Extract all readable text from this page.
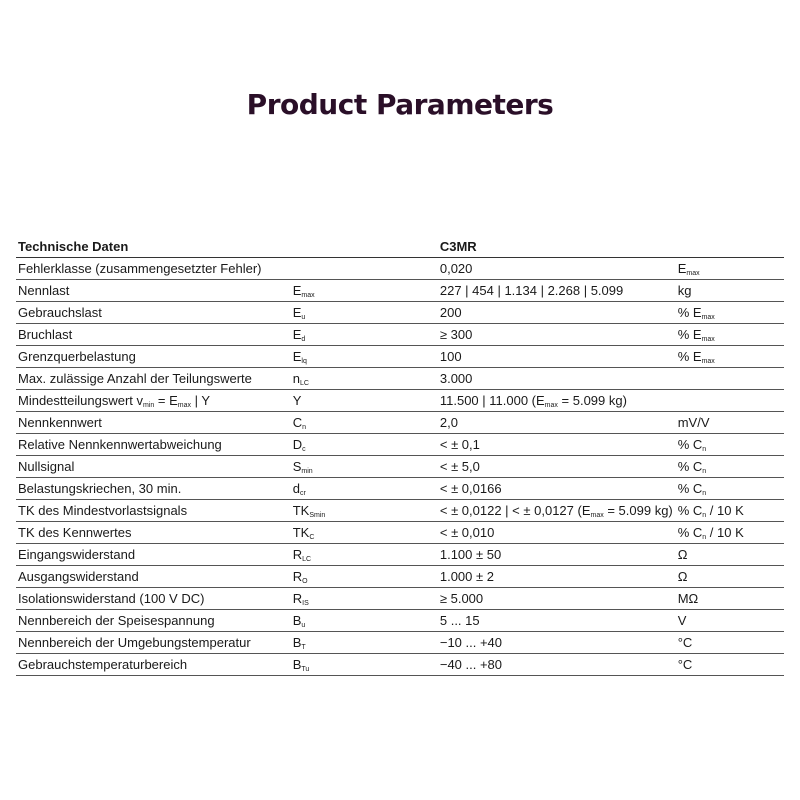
Product Parameters
Technische Daten		C3MR	
Fehlerklasse (zusammengesetzter Fehler)		0,020	$E_{max}$
Nennlast	$E_{max}$	227 | 454 | 1.134 | 2.268 | 5.099	kg
Gebrauchslast	$E_u$	200	% $E_{max}$
Bruchlast	$E_d$	≥ 300	% $E_{max}$
Grenzquerbelastung	$E_{lq}$	100	% $E_{max}$
Max. zulässige Anzahl der Teilungswerte	$n_{LC}$	3.000	
Mindestteilungswert $v_{min} = E_{max}$ | Y	Y	11.500 | 11.000 ($E_{max} = 5.099$ kg)	
Nennkennwert	$C_n$	2,0	mV/V
Relative Nennkennwertabweichung	$D_c$	< ± 0,1	% $C_n$
Nullsignal	$S_{min}$	< ± 5,0	% $C_n$
Belastungskriechen, 30 min.	$d_{cr}$	< ± 0,0166	% $C_n$
TK des Mindestvorlastsignals	$TK_{Smin}$	< ± 0,0122 | < ± 0,0127 ($E_{max} = 5.099$ kg)	% $C_n / 10$ K
TK des Kennwertes	$TK_C$	< ± 0,010	% $C_n / 10$ K
Eingangswiderstand	$R_{LC}$	1.100 ± 50	Ω
Ausgangswiderstand	$R_O$	1.000 ± 2	Ω
Isolationswiderstand (100 V DC)	$R_{IS}$	≥ 5.000	MΩ
Nennbereich der Speisespannung	$B_u$	5 ... 15	V
Nennbereich der Umgebungstemperatur	$B_T$	−10 ... +40	°C
Gebrauchstemperaturbereich	$B_{Tu}$	−40 ... +80	°C
